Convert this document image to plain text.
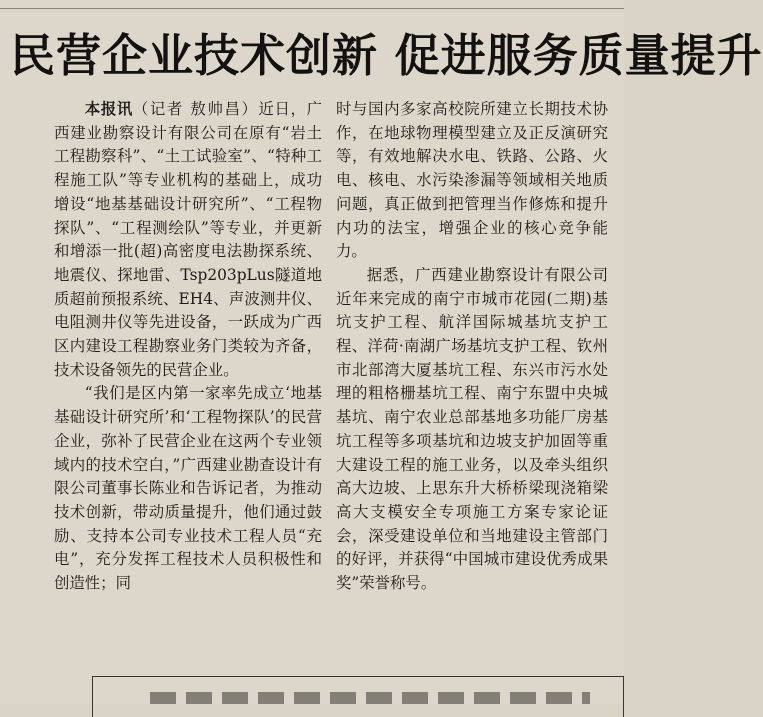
民营企业技术创新 促进服务质量提升

本报讯（记者 敖帅昌）近日，广西建业勘察设计有限公司在原有“岩土工程勘察科”、“土工试验室”、“特种工程施工队”等专业机构的基础上，成功增设“地基基础设计研究所”、“工程物探队”、“工程测绘队”等专业，并更新和增添一批(超)高密度电法勘探系统、地震仪、探地雷、Tsp203pLus隧道地质超前预报系统、EH4、声波测井仪、电阻测井仪等先进设备，一跃成为广西区内建设工程勘察业务门类较为齐备，技术设备领先的民营企业。

“我们是区内第一家率先成立‘地基基础设计研究所’和‘工程物探队’的民营企业，弥补了民营企业在这两个专业领域内的技术空白，”广西建业勘查设计有限公司董事长陈业和告诉记者，为推动技术创新，带动质量提升，他们通过鼓励、支持本公司专业技术工程人员“充电”，充分发挥工程技术人员积极性和创造性；同

时与国内多家高校院所建立长期技术协作，在地球物理模型建立及正反演研究等，有效地解决水电、铁路、公路、火电、核电、水污染渗漏等领域相关地质问题，真正做到把管理当作修炼和提升内功的法宝，增强企业的核心竞争能力。

据悉，广西建业勘察设计有限公司近年来完成的南宁市城市花园(二期)基坑支护工程、航洋国际城基坑支护工程、洋荷·南湖广场基坑支护工程、钦州市北部湾大厦基坑工程、东兴市污水处理的粗格栅基坑工程、南宁东盟中央城基坑、南宁农业总部基地多功能厂房基坑工程等多项基坑和边坡支护加固等重大建设工程的施工业务，以及牵头组织高大边坡、上思东升大桥桥梁现浇箱梁高大支模安全专项施工方案专家论证会，深受建设单位和当地建设主管部门的好评，并获得“中国城市建设优秀成果奖”荣誉称号。
